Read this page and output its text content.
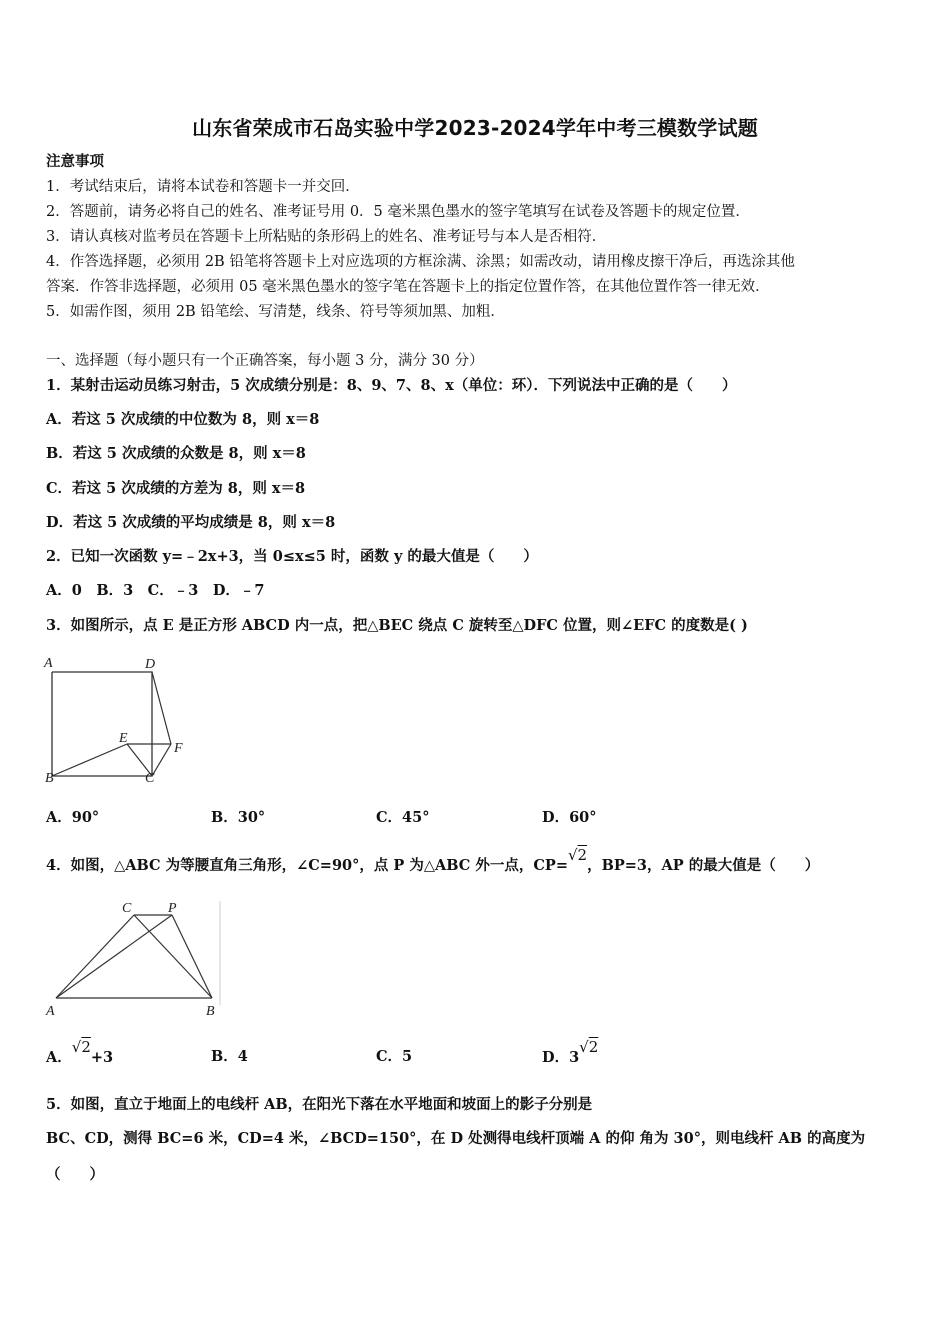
山东省荣成市石岛实验中学2023-2024学年中考三模数学试题
注意事项
1．考试结束后，请将本试卷和答题卡一并交回．
2．答题前，请务必将自己的姓名、准考证号用 0．5 毫米黑色墨水的签字笔填写在试卷及答题卡的规定位置．
3．请认真核对监考员在答题卡上所粘贴的条形码上的姓名、准考证号与本人是否相符．
4．作答选择题，必须用 2B 铅笔将答题卡上对应选项的方框涂满、涂黑；如需改动，请用橡皮擦干净后，再选涂其他
答案．作答非选择题，必须用 05 毫米黑色墨水的签字笔在答题卡上的指定位置作答，在其他位置作答一律无效．
5．如需作图，须用 2B 铅笔绘、写清楚，线条、符号等须加黑、加粗．
一、选择题（每小题只有一个正确答案，每小题 3 分，满分 30 分）
1．某射击运动员练习射击，5 次成绩分别是：8、9、7、8、x（单位：环）．下列说法中正确的是（　　）
A．若这 5 次成绩的中位数为 8，则 x＝8
B．若这 5 次成绩的众数是 8，则 x＝8
C．若这 5 次成绩的方差为 8，则 x＝8
D．若这 5 次成绩的平均成绩是 8，则 x＝8
2．已知一次函数 y=﹣2x+3，当 0≤x≤5 时，函数 y 的最大值是（　　）
A．0　B．3　C．﹣3　D．﹣7
3．如图所示，点 E 是正方形 ABCD 内一点，把△BEC 绕点 C 旋转至△DFC 位置，则∠EFC 的度数是( )
A	D
E
F
B	C
A．90°	B．30°	C．45°	D．60°
4．如图，△ABC 为等腰直角三角形，∠C=90°，点 P 为△ABC 外一点，CP=√2，BP=3，AP 的最大值是（　　）
C	P
A	B
A．√2+3	B．4	C．5	D．3√2
5．如图，直立于地面上的电线杆 AB，在阳光下落在水平地面和坡面上的影子分别是
BC、CD，测得 BC=6 米，CD=4 米，∠BCD=150°，在 D 处测得电线杆顶端 A 的仰 角为 30°，则电线杆 AB 的高度为
（　　）
